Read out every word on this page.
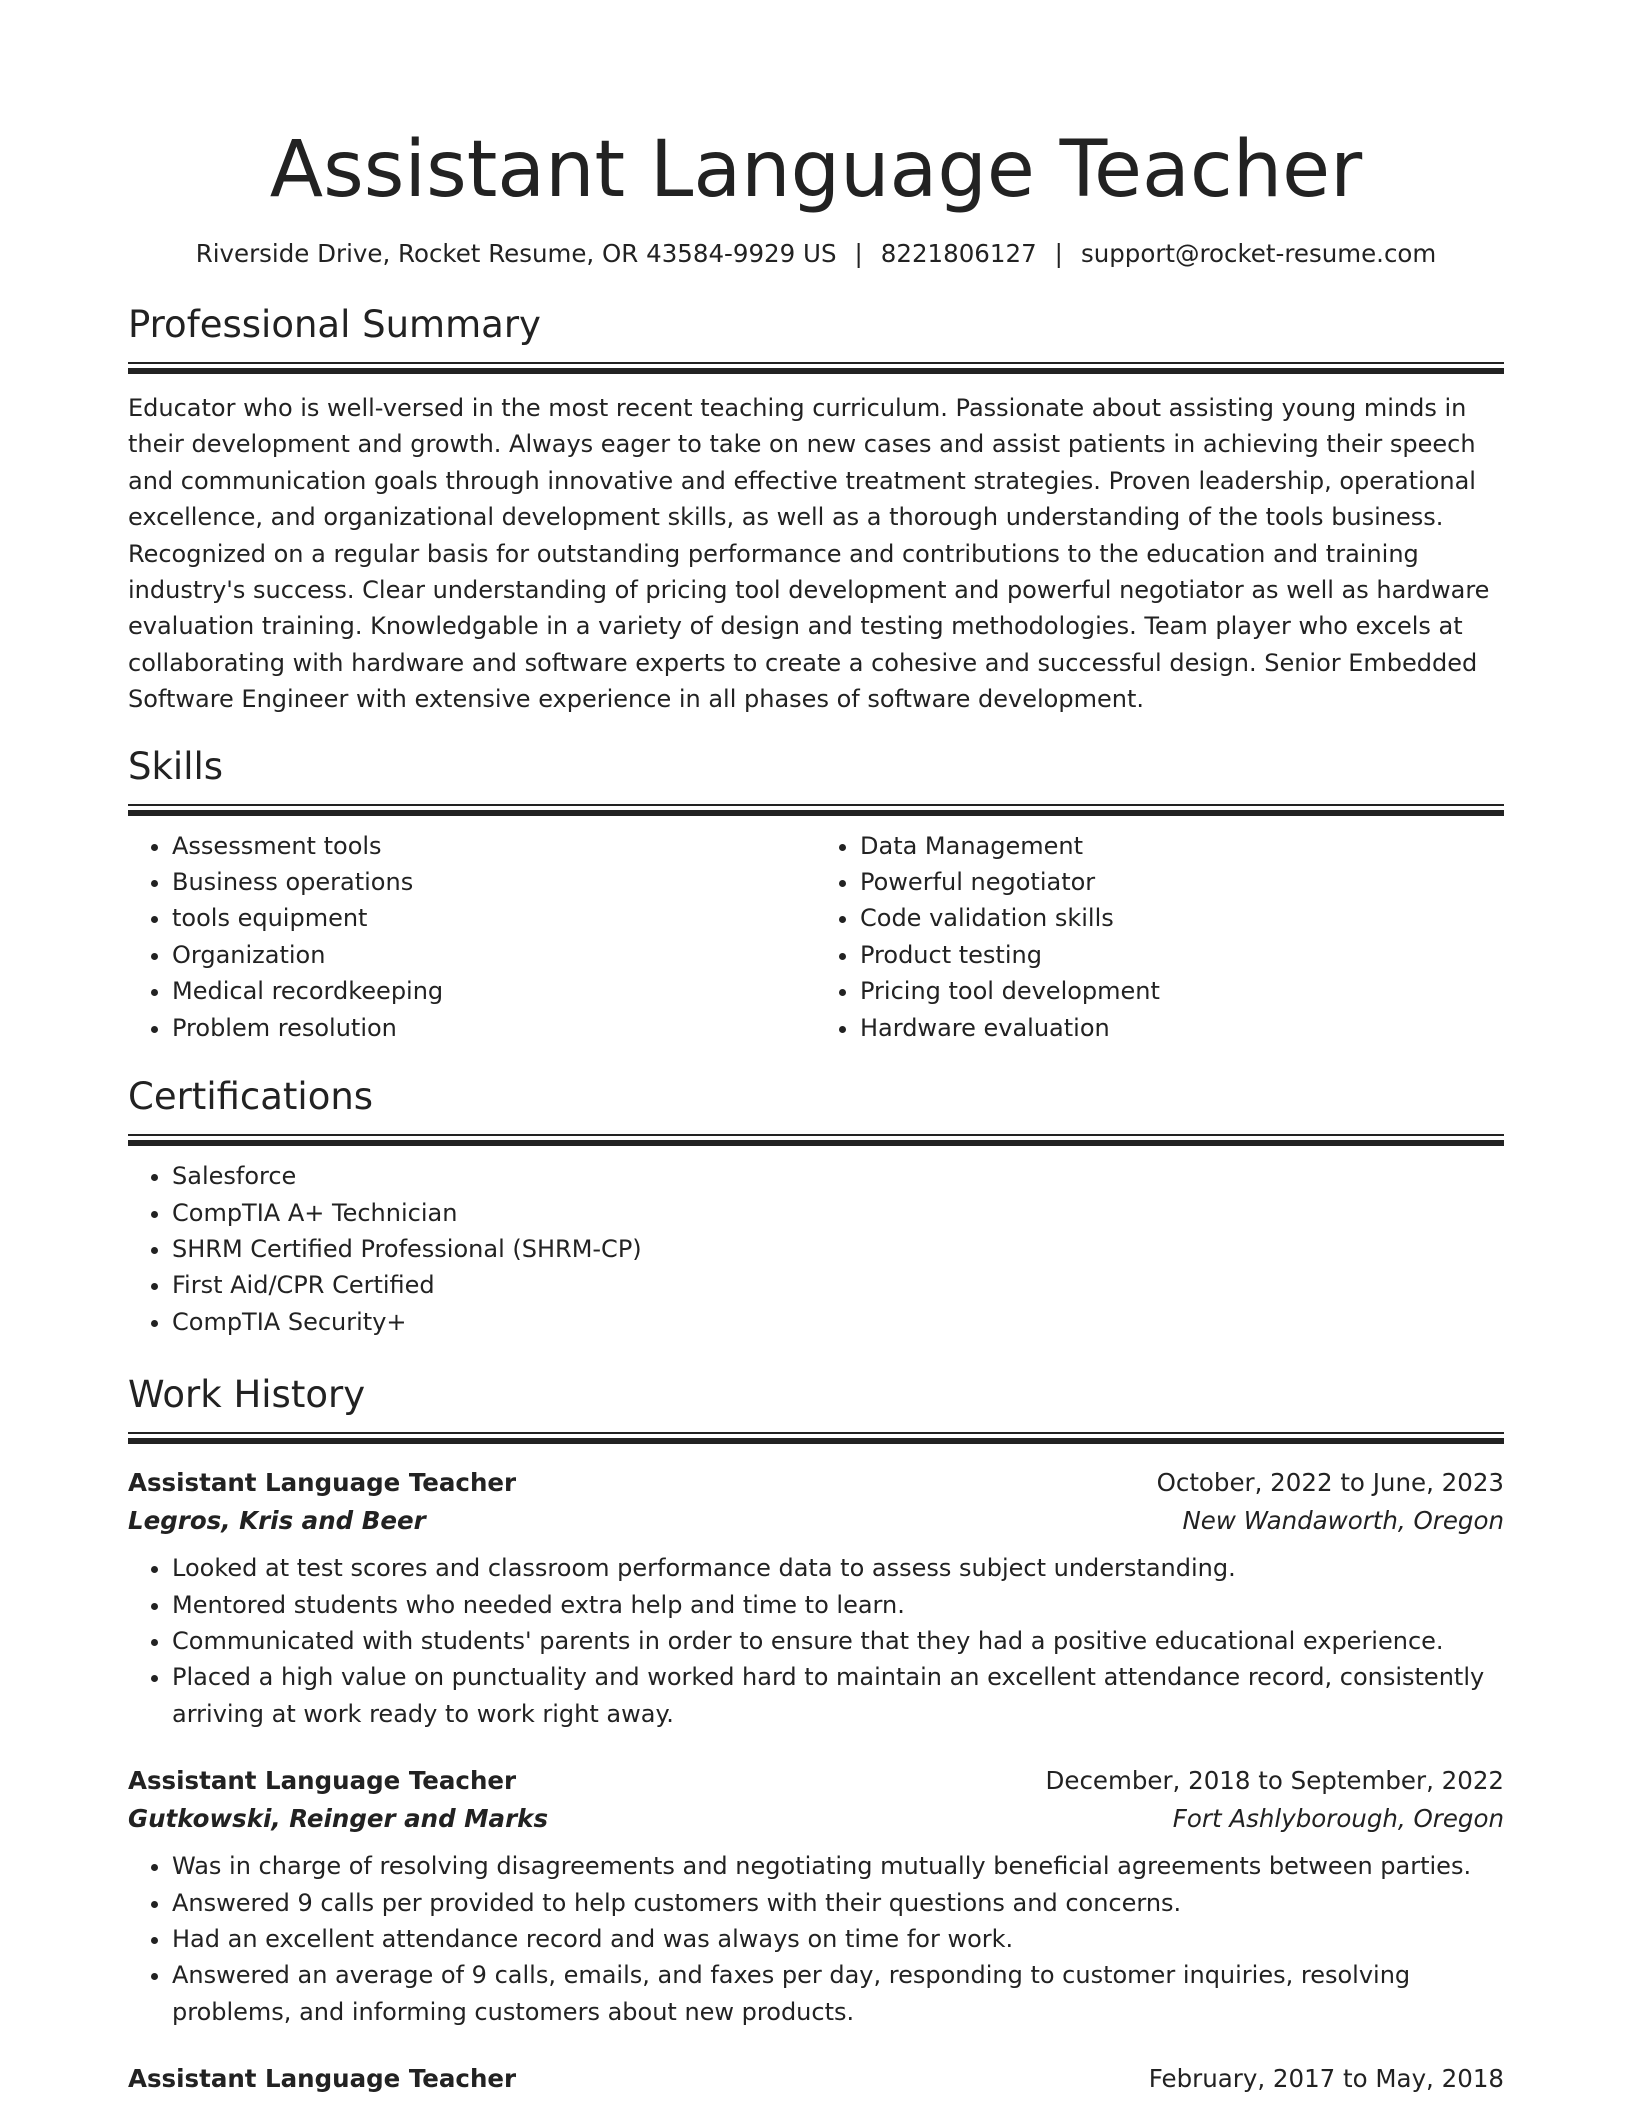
Assistant Language Teacher
Riverside Drive, Rocket Resume, OR 43584-9929 US | 8221806127 | support@rocket-resume.com
Professional Summary

Educator who is well-versed in the most recent teaching curriculum. Passionate about assisting young minds in their development and growth. Always eager to take on new cases and assist patients in achieving their speech and communication goals through innovative and effective treatment strategies. Proven leadership, operational excellence, and organizational development skills, as well as a thorough understanding of the tools business. Recognized on a regular basis for outstanding performance and contributions to the education and training industry's success. Clear understanding of pricing tool development and powerful negotiator as well as hardware evaluation training. Knowledgable in a variety of design and testing methodologies. Team player who excels at collaborating with hardware and software experts to create a cohesive and successful design. Senior Embedded Software Engineer with extensive experience in all phases of software development.

Skills
• Assessment tools
• Business operations
• tools equipment
• Organization
• Medical recordkeeping
• Problem resolution
• Data Management
• Powerful negotiator
• Code validation skills
• Product testing
• Pricing tool development
• Hardware evaluation
Certifications
• Salesforce
• CompTIA A+ Technician
• SHRM Certified Professional (SHRM-CP)
• First Aid/CPR Certified
• CompTIA Security+
Work History
Assistant Language Teacher	October, 2022 to June, 2023
Legros, Kris and Beer	New Wandaworth, Oregon
• Looked at test scores and classroom performance data to assess subject understanding.
• Mentored students who needed extra help and time to learn.
• Communicated with students' parents in order to ensure that they had a positive educational experience.
• Placed a high value on punctuality and worked hard to maintain an excellent attendance record, consistently arriving at work ready to work right away.
Assistant Language Teacher	December, 2018 to September, 2022
Gutkowski, Reinger and Marks	Fort Ashlyborough, Oregon
• Was in charge of resolving disagreements and negotiating mutually beneficial agreements between parties.
• Answered 9 calls per provided to help customers with their questions and concerns.
• Had an excellent attendance record and was always on time for work.
• Answered an average of 9 calls, emails, and faxes per day, responding to customer inquiries, resolving problems, and informing customers about new products.
Assistant Language Teacher	February, 2017 to May, 2018
